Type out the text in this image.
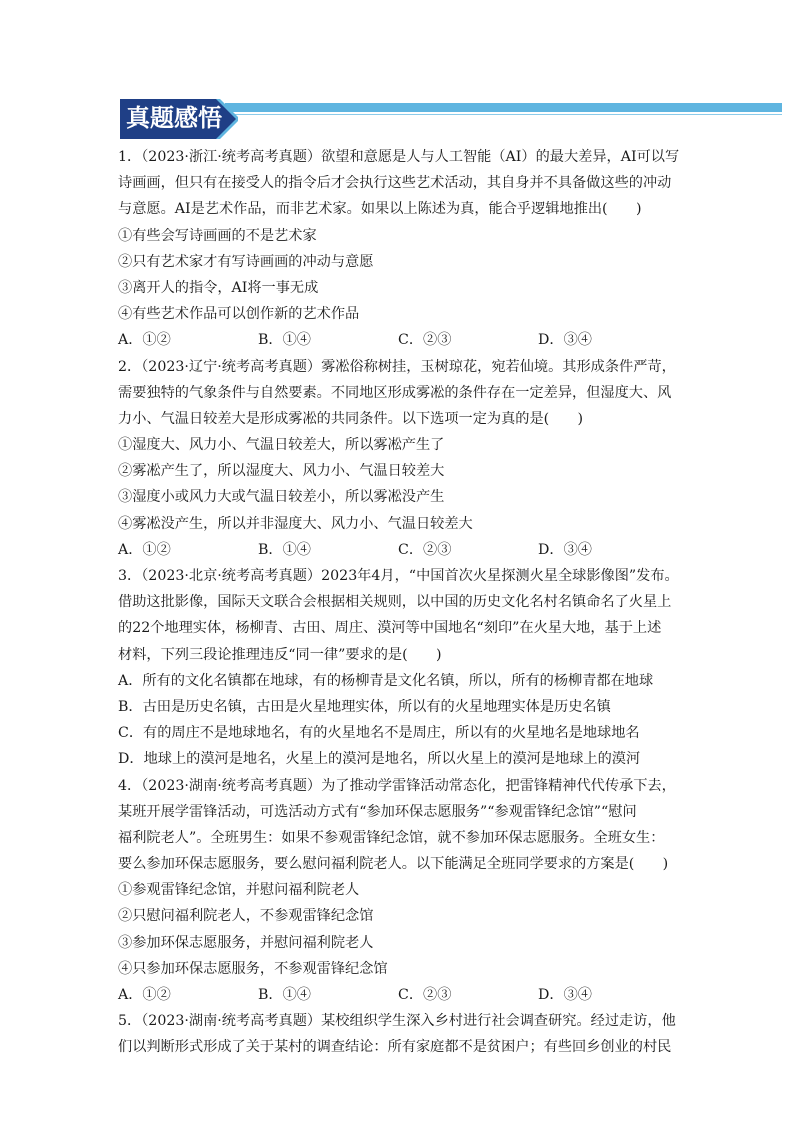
真题感悟
1．（2023·浙江·统考高考真题）欲望和意愿是人与人工智能（AI）的最大差异，AI可以写
诗画画，但只有在接受人的指令后才会执行这些艺术活动，其自身并不具备做这些的冲动
与意愿。AI是艺术作品，而非艺术家。如果以上陈述为真，能合乎逻辑地推出(　　)
①有些会写诗画画的不是艺术家
②只有艺术家才有写诗画画的冲动与意愿
③离开人的指令，AI将一事无成
④有些艺术作品可以创作新的艺术作品
A．①②	B．①④	C．②③	D．③④
2．（2023·辽宁·统考高考真题）雾凇俗称树挂，玉树琼花，宛若仙境。其形成条件严苛，
需要独特的气象条件与自然要素。不同地区形成雾凇的条件存在一定差异，但湿度大、风
力小、气温日较差大是形成雾凇的共同条件。以下选项一定为真的是(　　)
①湿度大、风力小、气温日较差大，所以雾凇产生了
②雾凇产生了，所以湿度大、风力小、气温日较差大
③湿度小或风力大或气温日较差小，所以雾凇没产生
④雾凇没产生，所以并非湿度大、风力小、气温日较差大
A．①②	B．①④	C．②③	D．③④
3．（2023·北京·统考高考真题）2023年4月，“中国首次火星探测火星全球影像图”发布。
借助这批影像，国际天文联合会根据相关规则，以中国的历史文化名村名镇命名了火星上
的22个地理实体，杨柳青、古田、周庄、漠河等中国地名“刻印”在火星大地，基于上述
材料，下列三段论推理违反“同一律”要求的是(　　)
A．所有的文化名镇都在地球，有的杨柳青是文化名镇，所以，所有的杨柳青都在地球
B．古田是历史名镇，古田是火星地理实体，所以有的火星地理实体是历史名镇
C．有的周庄不是地球地名，有的火星地名不是周庄，所以有的火星地名是地球地名
D．地球上的漠河是地名，火星上的漠河是地名，所以火星上的漠河是地球上的漠河
4．（2023·湖南·统考高考真题）为了推动学雷锋活动常态化，把雷锋精神代代传承下去，
某班开展学雷锋活动，可选活动方式有“参加环保志愿服务”“参观雷锋纪念馆”“慰问
福利院老人”。全班男生：如果不参观雷锋纪念馆，就不参加环保志愿服务。全班女生：
要么参加环保志愿服务，要么慰问福利院老人。以下能满足全班同学要求的方案是(　　)
①参观雷锋纪念馆，并慰问福利院老人
②只慰问福利院老人，不参观雷锋纪念馆
③参加环保志愿服务，并慰问福利院老人
④只参加环保志愿服务，不参观雷锋纪念馆
A．①②	B．①④	C．②③	D．③④
5．（2023·湖南·统考高考真题）某校组织学生深入乡村进行社会调查研究。经过走访，他
们以判断形式形成了关于某村的调查结论：所有家庭都不是贫困户；有些回乡创业的村民
